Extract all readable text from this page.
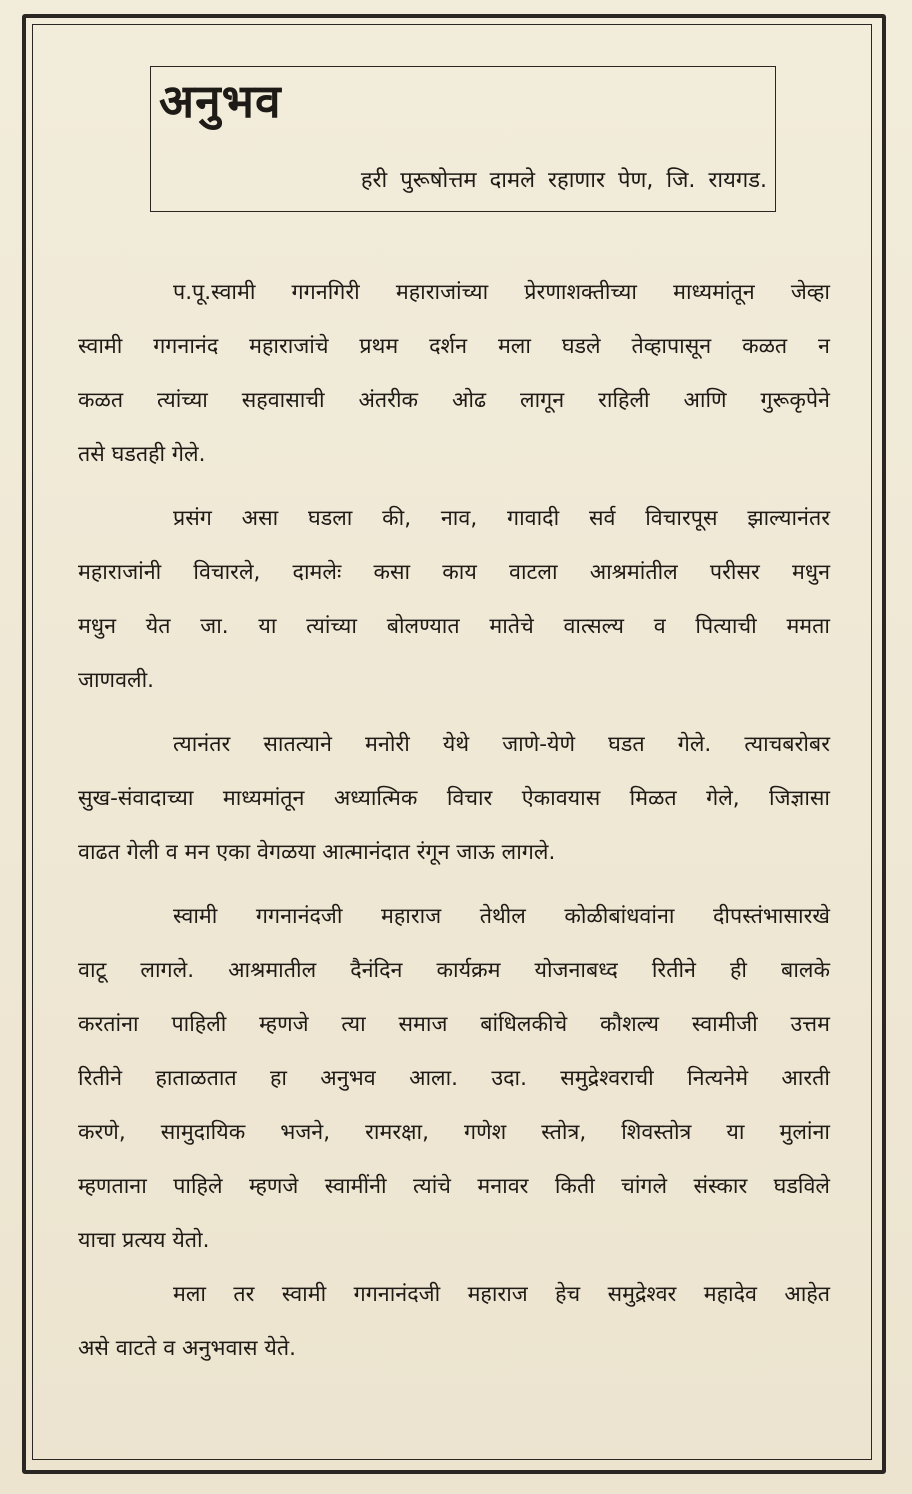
अनुभव
हरी पुरूषोत्तम दामले रहाणार पेण, जि. रायगड.
प.पू.स्वामी गगनगिरी महाराजांच्या प्रेरणाशक्तीच्या माध्यमांतून जेव्हा
स्वामी गगनानंद महाराजांचे प्रथम दर्शन मला घडले तेव्हापासून कळत न
कळत त्यांच्या सहवासाची अंतरीक ओढ लागून राहिली आणि गुरूकृपेने
तसे घडतही गेले.
प्रसंग असा घडला की, नाव, गावादी सर्व विचारपूस झाल्यानंतर
महाराजांनी विचारले, दामलेः कसा काय वाटला आश्रमांतील परीसर मधुन
मधुन येत जा. या त्यांच्या बोलण्यात मातेचे वात्सल्य व पित्याची ममता
जाणवली.
त्यानंतर सातत्याने मनोरी येथे जाणे-येणे घडत गेले. त्याचबरोबर
सुख-संवादाच्या माध्यमांतून अध्यात्मिक विचार ऐकावयास मिळत गेले, जिज्ञासा
वाढत गेली व मन एका वेगळया आत्मानंदात रंगून जाऊ लागले.
स्वामी गगनानंदजी महाराज तेथील कोळीबांधवांना दीपस्तंभासारखे
वाटू लागले. आश्रमातील दैनंदिन कार्यक्रम योजनाबध्द रितीने ही बालके
करतांना पाहिली म्हणजे त्या समाज बांधिलकीचे कौशल्य स्वामीजी उत्तम
रितीने हाताळतात हा अनुभव आला. उदा. समुद्रेश्वराची नित्यनेमे आरती
करणे, सामुदायिक भजने, रामरक्षा, गणेश स्तोत्र, शिवस्तोत्र या मुलांना
म्हणताना पाहिले म्हणजे स्वामींनी त्यांचे मनावर किती चांगले संस्कार घडविले
याचा प्रत्यय येतो.
मला तर स्वामी गगनानंदजी महाराज हेच समुद्रेश्वर महादेव आहेत
असे वाटते व अनुभवास येते.
